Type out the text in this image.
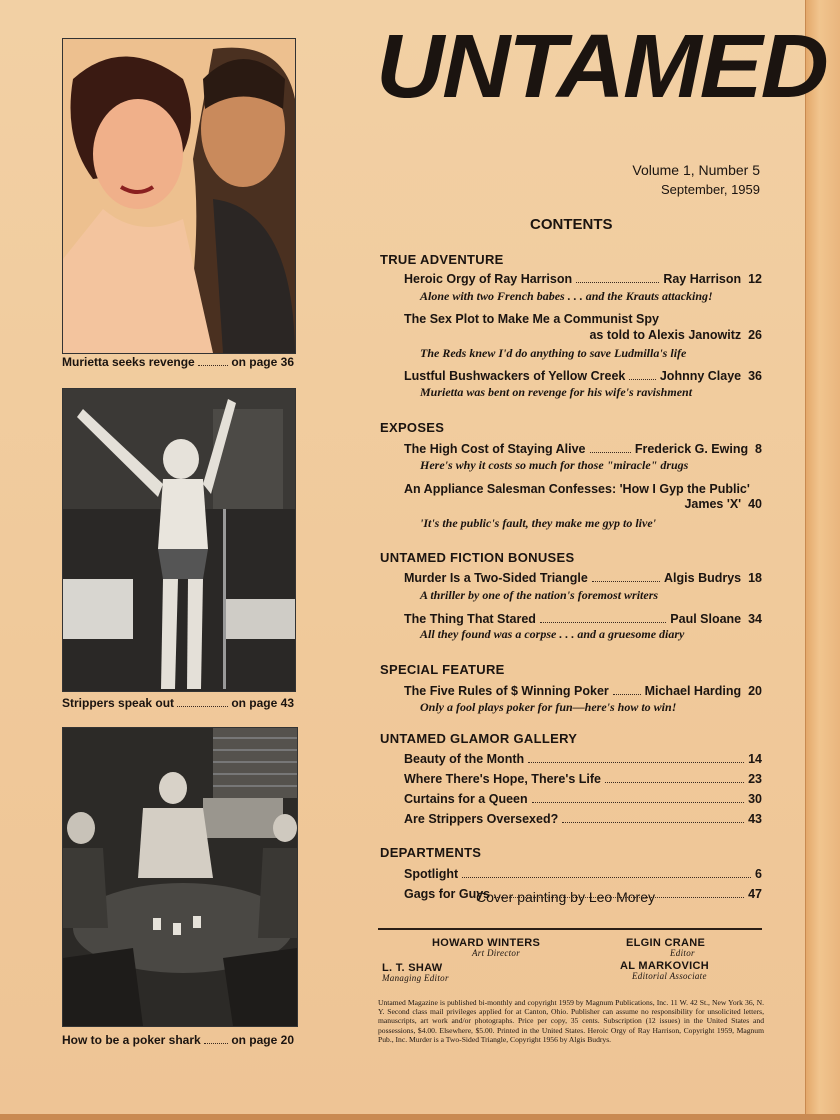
Murietta seeks revenge	on page 36
Strippers speak out	on page 43
How to be a poker shark	on page 20
UNTAMED
Volume 1, Number 5
September, 1959
CONTENTS
TRUE ADVENTURE
Heroic Orgy of Ray Harrison	Ray Harrison 12
Alone with two French babes . . . and the Krauts attacking!
The Sex Plot to Make Me a Communist Spy
as told to Alexis Janowitz 26
The Reds knew I'd do anything to save Ludmilla's life
Lustful Bushwackers of Yellow Creek	Johnny Claye 36
Murietta was bent on revenge for his wife's ravishment
EXPOSES
The High Cost of Staying Alive	Frederick G. Ewing 8
Here's why it costs so much for those "miracle" drugs
An Appliance Salesman Confesses: 'How I Gyp the Public'
James 'X' 40
'It's the public's fault, they make me gyp to live'
UNTAMED FICTION BONUSES
Murder Is a Two-Sided Triangle	Algis Budrys 18
A thriller by one of the nation's foremost writers
The Thing That Stared	Paul Sloane 34
All they found was a corpse . . . and a gruesome diary
SPECIAL FEATURE
The Five Rules of $ Winning Poker	Michael Harding 20
Only a fool plays poker for fun—here's how to win!
UNTAMED GLAMOR GALLERY
Beauty of the Month	14
Where There's Hope, There's Life	23
Curtains for a Queen	30
Are Strippers Oversexed?	43
DEPARTMENTS
Spotlight	6
Gags for Guys	47
Cover painting by Leo Morey
HOWARD WINTERS
Art Director
ELGIN CRANE
Editor
L. T. SHAW
Managing Editor
AL MARKOVICH
Editorial Associate
Untamed Magazine is published bi-monthly and copyright 1959 by Magnum Publications, Inc. 11 W. 42 St., New York 36, N. Y. Second class mail privileges applied for at Canton, Ohio. Publisher can assume no responsibility for unsolicited letters, manuscripts, art work and/or photographs. Price per copy, 35 cents. Subscription (12 issues) in the United States and possessions, $4.00. Elsewhere, $5.00. Printed in the United States. Heroic Orgy of Ray Harrison, Copyright 1959, Magnum Pub., Inc. Murder is a Two-Sided Triangle, Copyright 1956 by Algis Budrys.
